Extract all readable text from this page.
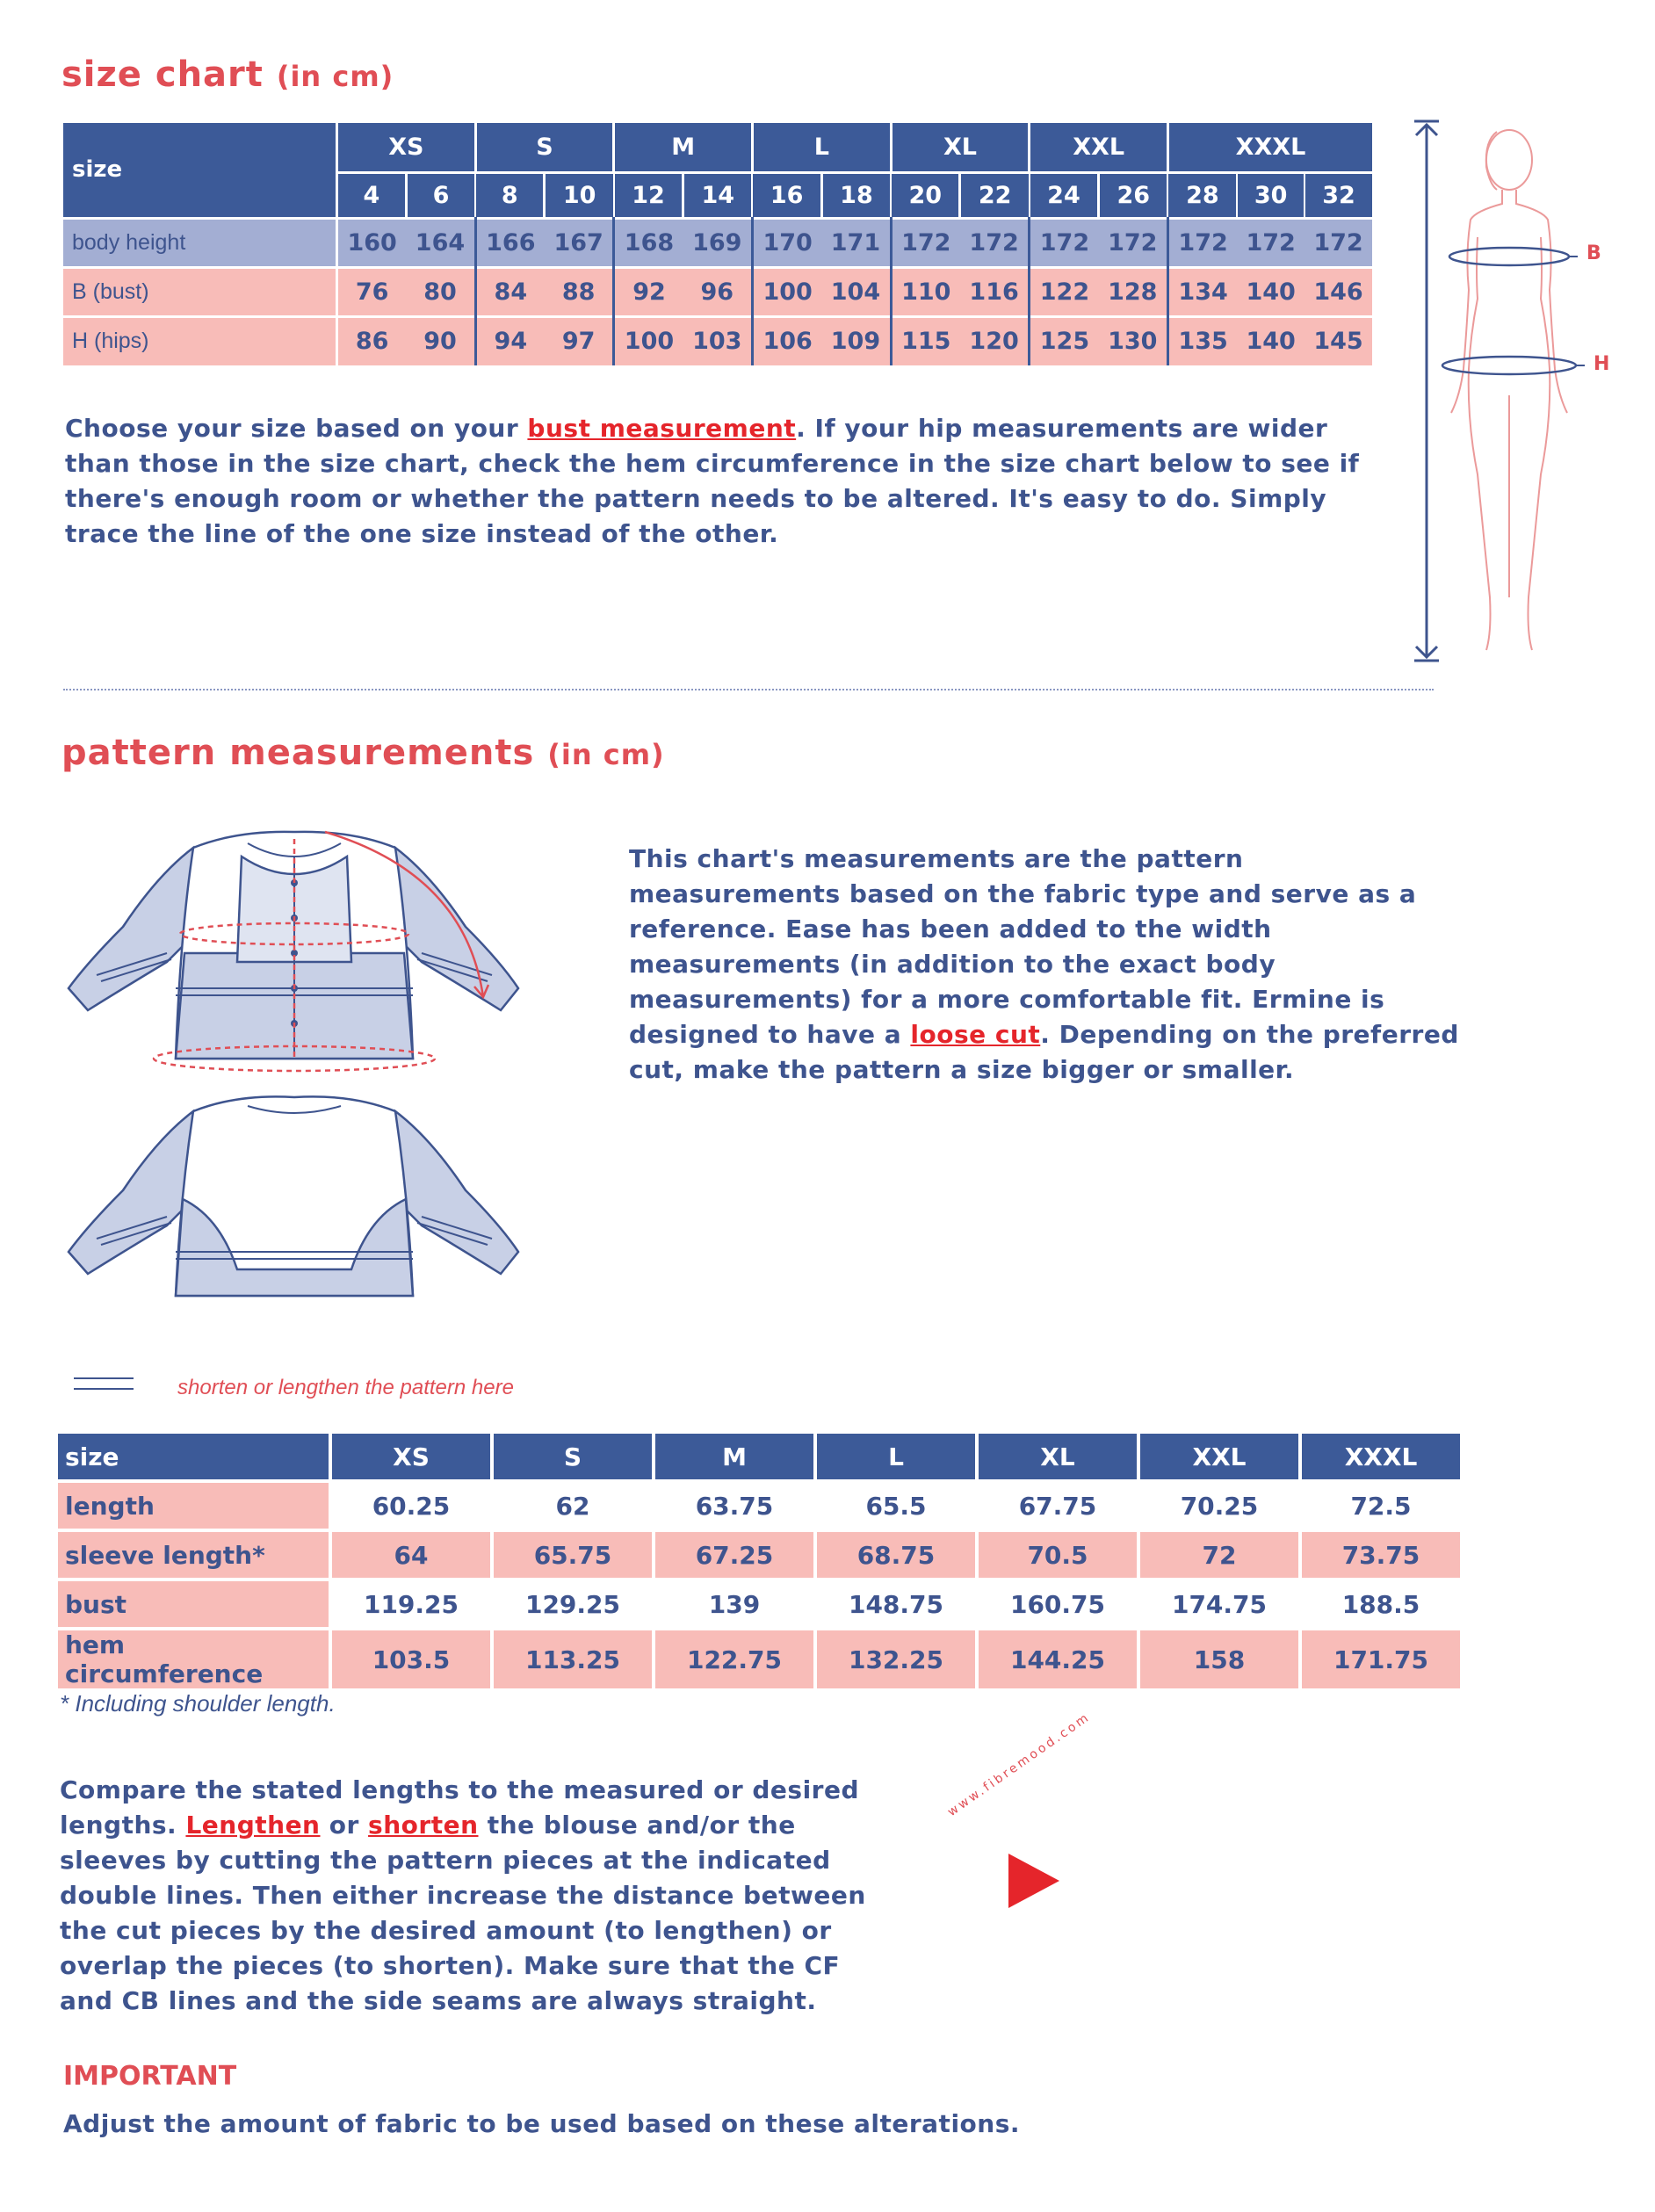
size chart (in cm)
size	XS		S		M		L		XL		XXL		XXXL		
	4	6	8	10	12	14	16	18	20	22	24	26	28	30	32
body height	160	164	166	167	168	169	170	171	172	172	172	172	172	172	172
B (bust)	76	80	84	88	92	96	100	104	110	116	122	128	134	140	146
H (hips)	86	90	94	97	100	103	106	109	115	120	125	130	135	140	145
Choose your size based on your bust measurement. If your hip measurements are wider than those in the size chart, check the hem circumference in the size chart below to see if there's enough room or whether the pattern needs to be altered. It's easy to do. Simply trace the line of the one size instead of the other.
B
H
pattern measurements (in cm)
This chart's measurements are the pattern measurements based on the fabric type and serve as a reference. Ease has been added to the width measurements (in addition to the exact body measurements) for a more comfortable fit. Ermine is designed to have a loose cut. Depending on the preferred cut, make the pattern a size bigger or smaller.
shorten or lengthen the pattern here
size	XS	S	M	L	XL	XXL	XXXL
length	60.25	62	63.75	65.5	67.75	70.25	72.5
sleeve length*	64	65.75	67.25	68.75	70.5	72	73.75
bust	119.25	129.25	139	148.75	160.75	174.75	188.5
hem circumference	103.5	113.25	122.75	132.25	144.25	158	171.75
* Including shoulder length.
Compare the stated lengths to the measured or desired lengths. Lengthen or shorten the blouse and/or the sleeves by cutting the pattern pieces at the indicated double lines. Then either increase the distance between the cut pieces by the desired amount (to lengthen) or overlap the pieces (to shorten). Make sure that the CF and CB lines and the side seams are always straight.
www.fibremood.com
IMPORTANT
Adjust the amount of fabric to be used based on these alterations.
